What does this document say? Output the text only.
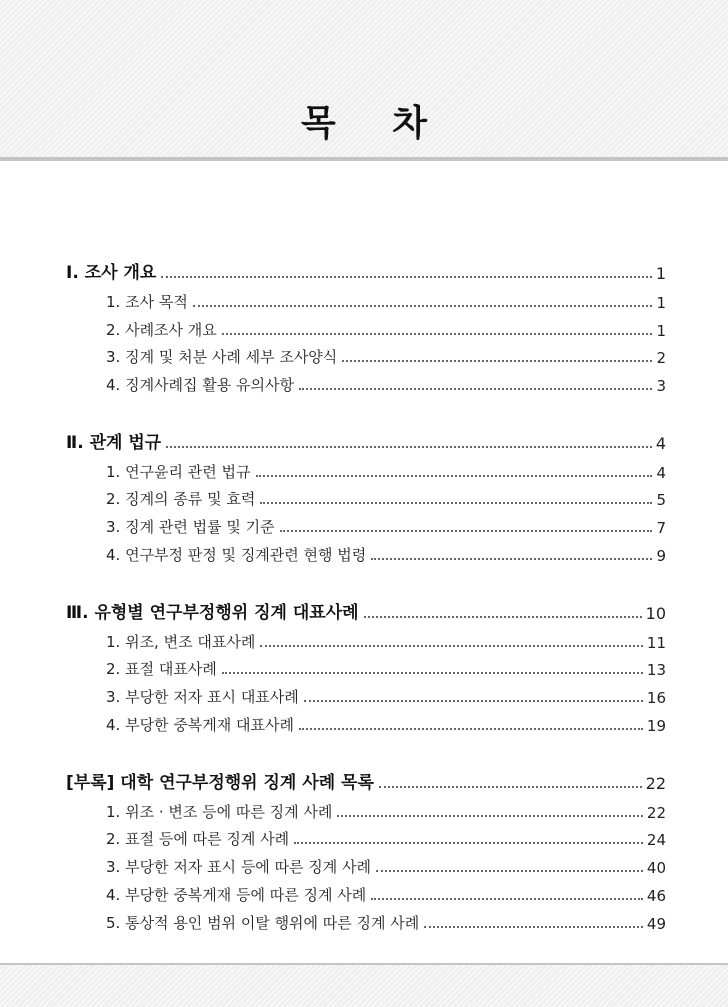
목 차
Ⅰ. 조사 개요	1
1. 조사 목적	1
2. 사례조사 개요	1
3. 징계 및 처분 사례 세부 조사양식	2
4. 징계사례집 활용 유의사항	3
Ⅱ. 관계 법규	4
1. 연구윤리 관련 법규	4
2. 징계의 종류 및 효력	5
3. 징계 관련 법률 및 기준	7
4. 연구부정 판정 및 징계관련 현행 법령	9
Ⅲ. 유형별 연구부정행위 징계 대표사례	10
1. 위조, 변조 대표사례	11
2. 표절 대표사례	13
3. 부당한 저자 표시 대표사례	16
4. 부당한 중복게재 대표사례	19
[부록] 대학 연구부정행위 징계 사례 목록	22
1. 위조 · 변조 등에 따른 징계 사례	22
2. 표절 등에 따른 징계 사례	24
3. 부당한 저자 표시 등에 따른 징계 사례	40
4. 부당한 중복게재 등에 따른 징계 사례	46
5. 통상적 용인 범위 이탈 행위에 따른 징계 사례	49
